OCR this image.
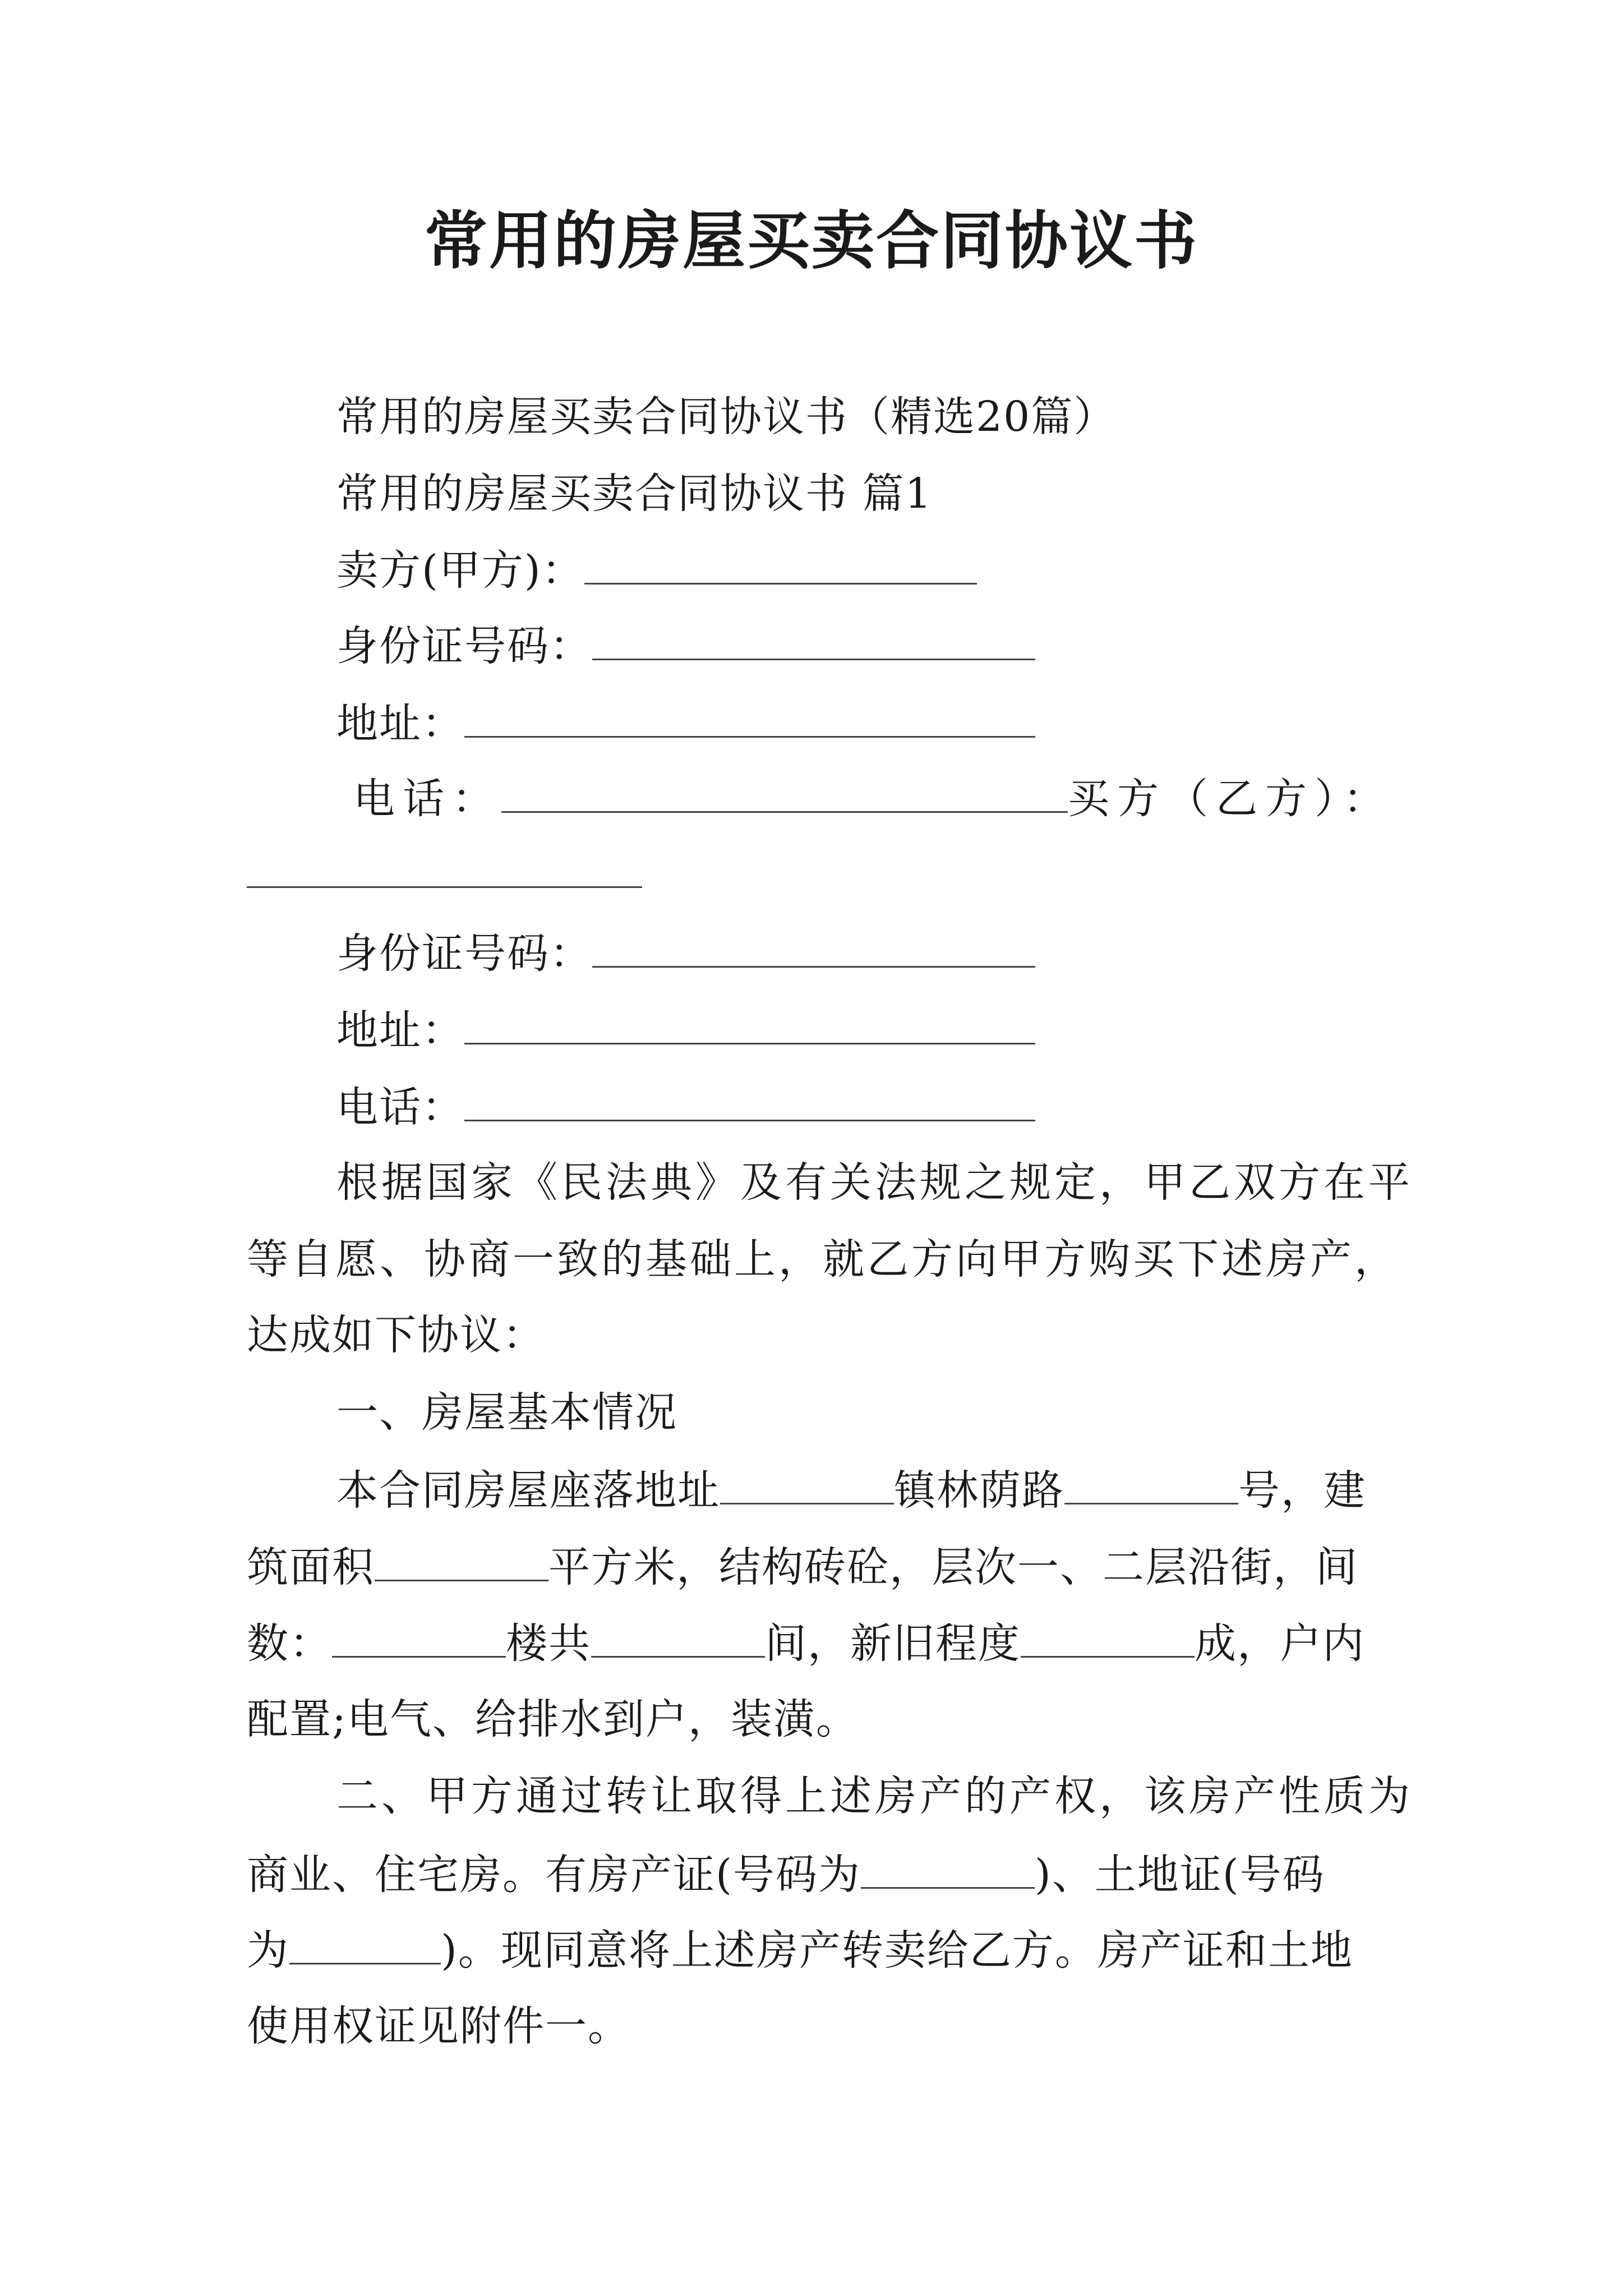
常用的房屋买卖合同协议书
常用的房屋买卖合同协议书（精选20篇）
常用的房屋买卖合同协议书 篇1
卖方(甲方)：
身份证号码：
地址：
电话：	买方（乙方）：
身份证号码：
地址：
电话：
根据国家《民法典》及有关法规之规定，甲乙双方在平
等自愿、协商一致的基础上，就乙方向甲方购买下述房产，
达成如下协议：
一、房屋基本情况
本合同房屋座落地址	镇林荫路	号，建
筑面积	平方米，结构砖砼，层次一、二层沿街，间
数：	楼共	间，新旧程度	成，户内
配置;电气、给排水到户，装潢。
二、甲方通过转让取得上述房产的产权，该房产性质为
商业、住宅房。有房产证(号码为	)、土地证(号码
为	)。现同意将上述房产转卖给乙方。房产证和土地
使用权证见附件一。
